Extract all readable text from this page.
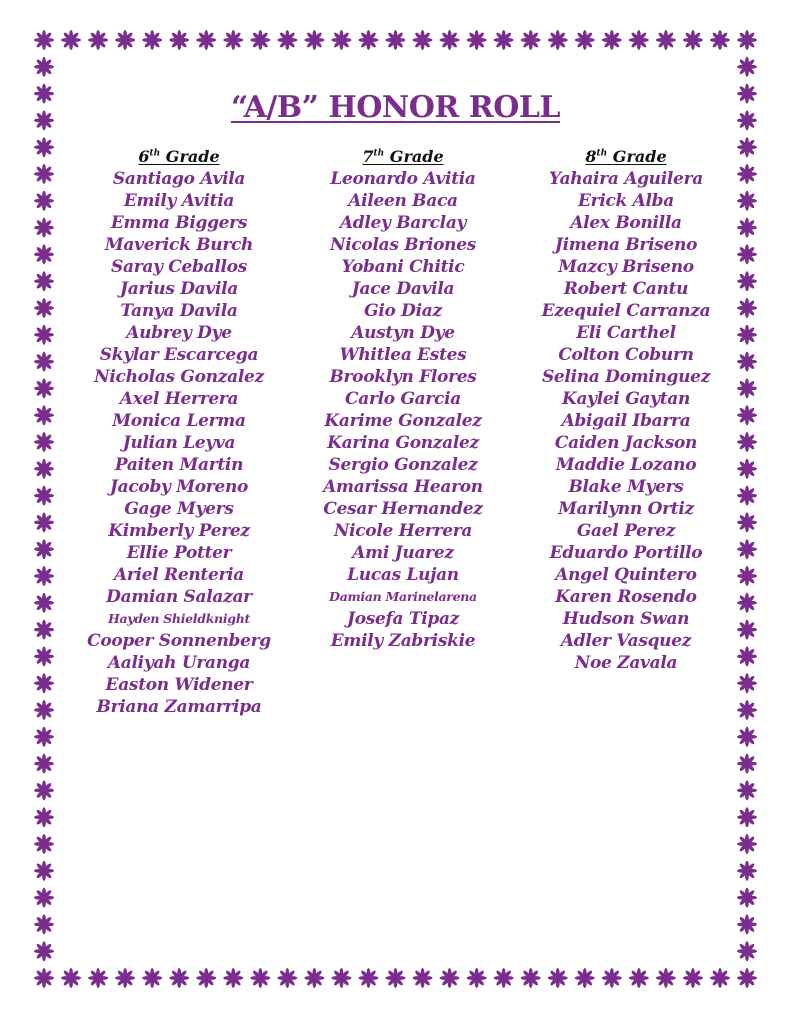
“A/B” HONOR ROLL
6th Grade
Santiago Avila
Emily Avitia
Emma Biggers
Maverick Burch
Saray Ceballos
Jarius Davila
Tanya Davila
Aubrey Dye
Skylar Escarcega
Nicholas Gonzalez
Axel Herrera
Monica Lerma
Julian Leyva
Paiten Martin
Jacoby Moreno
Gage Myers
Kimberly Perez
Ellie Potter
Ariel Renteria
Damian Salazar
Hayden Shieldknight
Cooper Sonnenberg
Aaliyah Uranga
Easton Widener
Briana Zamarripa
7th Grade
Leonardo Avitia
Aileen Baca
Adley Barclay
Nicolas Briones
Yobani Chitic
Jace Davila
Gio Diaz
Austyn Dye
Whitlea Estes
Brooklyn Flores
Carlo Garcia
Karime Gonzalez
Karina Gonzalez
Sergio Gonzalez
Amarissa Hearon
Cesar Hernandez
Nicole Herrera
Ami Juarez
Lucas Lujan
Damian Marinelarena
Josefa Tipaz
Emily Zabriskie
8th Grade
Yahaira Aguilera
Erick Alba
Alex Bonilla
Jimena Briseno
Mazcy Briseno
Robert Cantu
Ezequiel Carranza
Eli Carthel
Colton Coburn
Selina Dominguez
Kaylei Gaytan
Abigail Ibarra
Caiden Jackson
Maddie Lozano
Blake Myers
Marilynn Ortiz
Gael Perez
Eduardo Portillo
Angel Quintero
Karen Rosendo
Hudson Swan
Adler Vasquez
Noe Zavala
